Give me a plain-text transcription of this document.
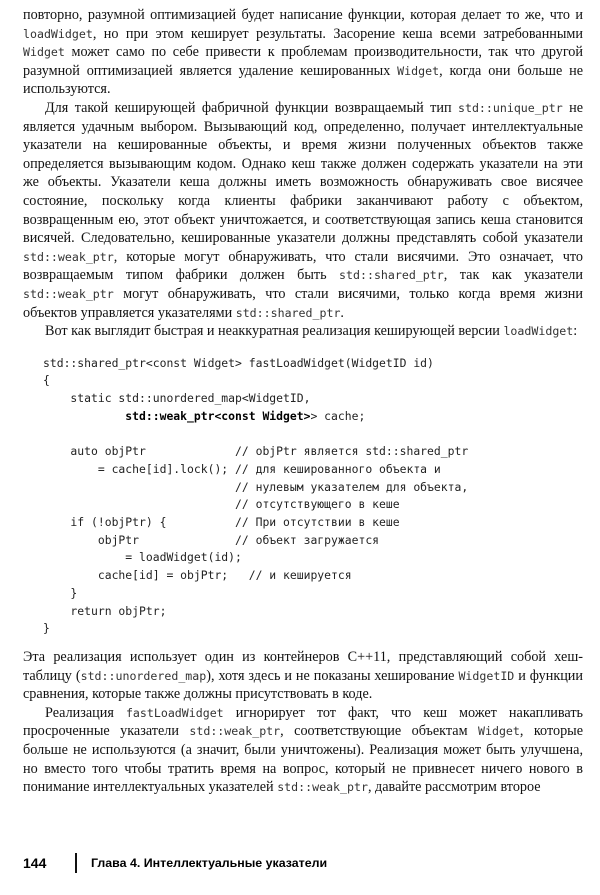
повторно, разумной оптимизацией будет написание функции, которая делает то же, что и loadWidget, но при этом кеширует результаты. Засорение кеша всеми затребованными Widget может само по себе привести к проблемам производительности, так что другой разумной оптимизацией является удаление кешированных Widget, когда они больше не используются.

Для такой кеширующей фабричной функции возвращаемый тип std::unique_ptr не является удачным выбором. Вызывающий код, определенно, получает интеллектуальные указатели на кешированные объекты, и время жизни полученных объектов также определяется вызывающим кодом. Однако кеш также должен содержать указатели на эти же объекты. Указатели кеша должны иметь возможность обнаруживать свое висячее состояние, поскольку когда клиенты фабрики заканчивают работу с объектом, возвращенным ею, этот объект уничтожается, и соответствующая запись кеша становится висячей. Следовательно, кешированные указатели должны представлять собой указатели std::weak_ptr, которые могут обнаруживать, что стали висячими. Это означает, что возвращаемым типом фабрики должен быть std::shared_ptr, так как указатели std::weak_ptr могут обнаруживать, что стали висячими, только когда время жизни объектов управляется указателями std::shared_ptr.

Вот как выглядит быстрая и неаккуратная реализация кеширующей версии loadWidget:

std::shared_ptr<const Widget> fastLoadWidget(WidgetID id)
{
static std::unordered_map<WidgetID,
std::weak_ptr<const Widget>> cache;

auto objPtr             // objPtr является std::shared_ptr
= cache[id].lock(); // для кешированного объекта и
// нулевым указателем для объекта,
// отсутствующего в кеше
if (!objPtr) {          // При отсутствии в кеше
objPtr              // объект загружается
= loadWidget(id);
cache[id] = objPtr;   // и кешируется
}
return objPtr;
}

Эта реализация использует один из контейнеров C++11, представляющий собой хеш-таблицу (std::unordered_map), хотя здесь и не показаны хеширование WidgetID и функции сравнения, которые также должны присутствовать в коде.

Реализация fastLoadWidget игнорирует тот факт, что кеш может накапливать просроченные указатели std::weak_ptr, соответствующие объектам Widget, которые больше не используются (а значит, были уничтожены). Реализация может быть улучшена, но вместо того чтобы тратить время на вопрос, который не привнесет ничего нового в понимание интеллектуальных указателей std::weak_ptr, давайте рассмотрим второе

144	Глава 4. Интеллектуальные указатели
